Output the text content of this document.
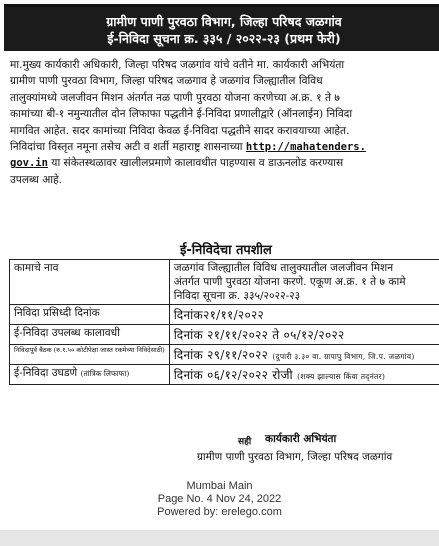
ग्रामीण पाणी पुरवठा विभाग, जिल्हा परिषद जळगांव
ई-निविदा सूचना क्र. ३३५ / २०२२-२३ (प्रथम फेरी)
मा.मुख्य कार्यकारी अधिकारी, जिल्हा परिषद जळगांव यांचे वतीने मा. कार्यकारी अभियंता
ग्रामीण पाणी पुरवठा विभाग, जिल्हा परिषद जळगाव हे जळगांव जिल्ह्यातील विविध
तालुक्यांमध्ये जलजीवन मिशन अंतर्गत नळ पाणी पुरवठा योजना करणेच्या अ.क्र. १ ते ७
कामांच्या बी-१ नमुन्यातील दोन लिफाफा पद्धतीने ई-निविदा प्रणालीद्वारे (ऑनलाईन) निविदा
मागवित आहेत. सदर कामांच्या निविदा केवळ ई-निविदा पद्धतीने सादर करावयाच्या आहेत.
निविदांचा विस्तृत नमूना तसेच अटी व शर्ती महाराष्ट्र शासनाच्या http://mahatenders.
gov.in या संकेतस्थळावर खालीलप्रमाणे कालावधीत पाहण्यास व डाऊनलोड करण्यास
उपलब्ध आहे.
ई-निविदेचा तपशील
कामाचे नाव	जळगांव जिल्ह्यातील विविध तालुक्यातील जलजीवन मिशन
अंतर्गत पाणी पुरवठा योजना करणे. एकूण अ.क्र. १ ते ७ कामे
निविदा सूचना क्र. ३३५/२०२२-२३

निविदा प्रसिध्दी दिनांक	दिनांक२१/११/२०२२
ई-निविदा उपलब्ध कालावधी	दिनांक २१/११/२०२२ ते ०५/१२/२०२२

निविदापूर्व बैठक (रु.१.५० कोटीपेक्षा जास्त रकमेच्या निविदेसाठी)	दिनांक २९/११/२०२२ (दुपारी ३.३० वा. ग्रापापु विभाग, जि.प. जळगांव)
ई-निविदा उघडणे (तांत्रिक लिफाफा)	दिनांक ०६/१२/२०२२ रोजी (शक्य झाल्यास किंवा तद्नंतर)
सही कार्यकारी अभियंता
ग्रामीण पाणी पुरवठा विभाग, जिल्हा परिषद जळगांव
Mumbai Main
Page No. 4 Nov 24, 2022
Powered by: erelego.com
